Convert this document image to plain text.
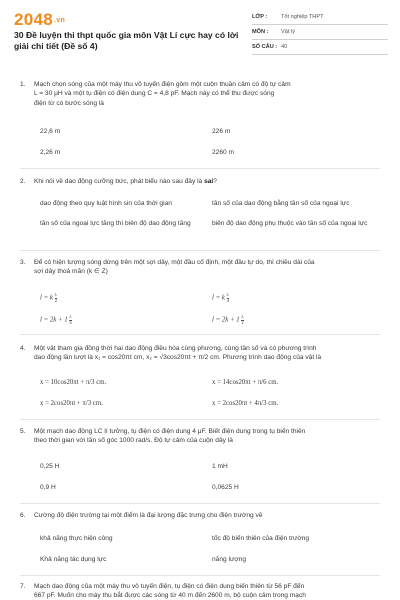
2048.vn
30 Đề luyện thi thpt quốc gia môn Vật Lí cực hay có lời giải chi tiết (Đề số 4)
LỚP :	Tốt nghiệp THPT
MÔN :	Vật lý
SỐ CÂU : 40
1. Mạch chọn sóng của một máy thu vô tuyến điện gồm một cuộn thuần cảm có độ tự cảm
L = 30 μH và một tụ điện có điện dung C = 4,8 pF. Mạch này có thể thu được sóng
điện từ có bước sóng là
22,6 m	226 m
2,26 m	2260 m
2. Khi nói về dao động cưỡng bức, phát biểu nào sau đây là sai?
dao động theo quy luật hình sin của thời gian	tần số của dao động bằng tần số của ngoại lực
tần số của ngoại lực tăng thì biên độ dao động tăng	biên độ dao động phụ thuộc vào tần số của ngoại lực
3. Để có hiện tượng sóng dừng trên một sợi dây, một đầu cố định, một đầu tự do, thì chiều dài của
sợi dây thoả mãn (k ∈ Z)
l = k $\frac{\lambda}{2}$	l = k $\frac{\lambda}{4}$
$l = 2k + 1 \frac{\lambda}{4}$	$l = 2k + 1 \frac{\lambda}{2}$
4. Một vật tham gia đồng thời hai dao động điều hòa cùng phương, cùng tần số và có phương trình
dao động lần lượt là x₁ = cos20πt cm, x₂ = √3cos20πt + π/2 cm. Phương trình dao động của vật là
x = 10cos20πt + π/3 cm.	x = 14cos20πt + π/6 cm.
x = 2cos20πt + π/3 cm.	x = 2cos20πt + 4π/3 cm.
5. Một mạch dao động LC lí tưởng, tụ điện có điện dung 4 μF. Biết điện dung trong tụ biến thiên
theo thời gian với tần số góc 1000 rad/s. Độ tự cảm của cuộn dây là
0,25 H	1 mH
0,9 H	0,0625 H
6. Cường độ điện trường tại một điểm là đại lượng đặc trưng cho điện trường về
khả năng thực hiện công	tốc độ biến thiên của điện trường
Khả năng tác dụng lực	năng lượng
7. Mạch dao động của một máy thu vô tuyến điện, tụ điện có điện dung biến thiên từ 56 pF đến
667 pF. Muốn cho máy thu bắt được các sóng từ 40 m đến 2600 m, bộ cuộn cảm trong mạch
